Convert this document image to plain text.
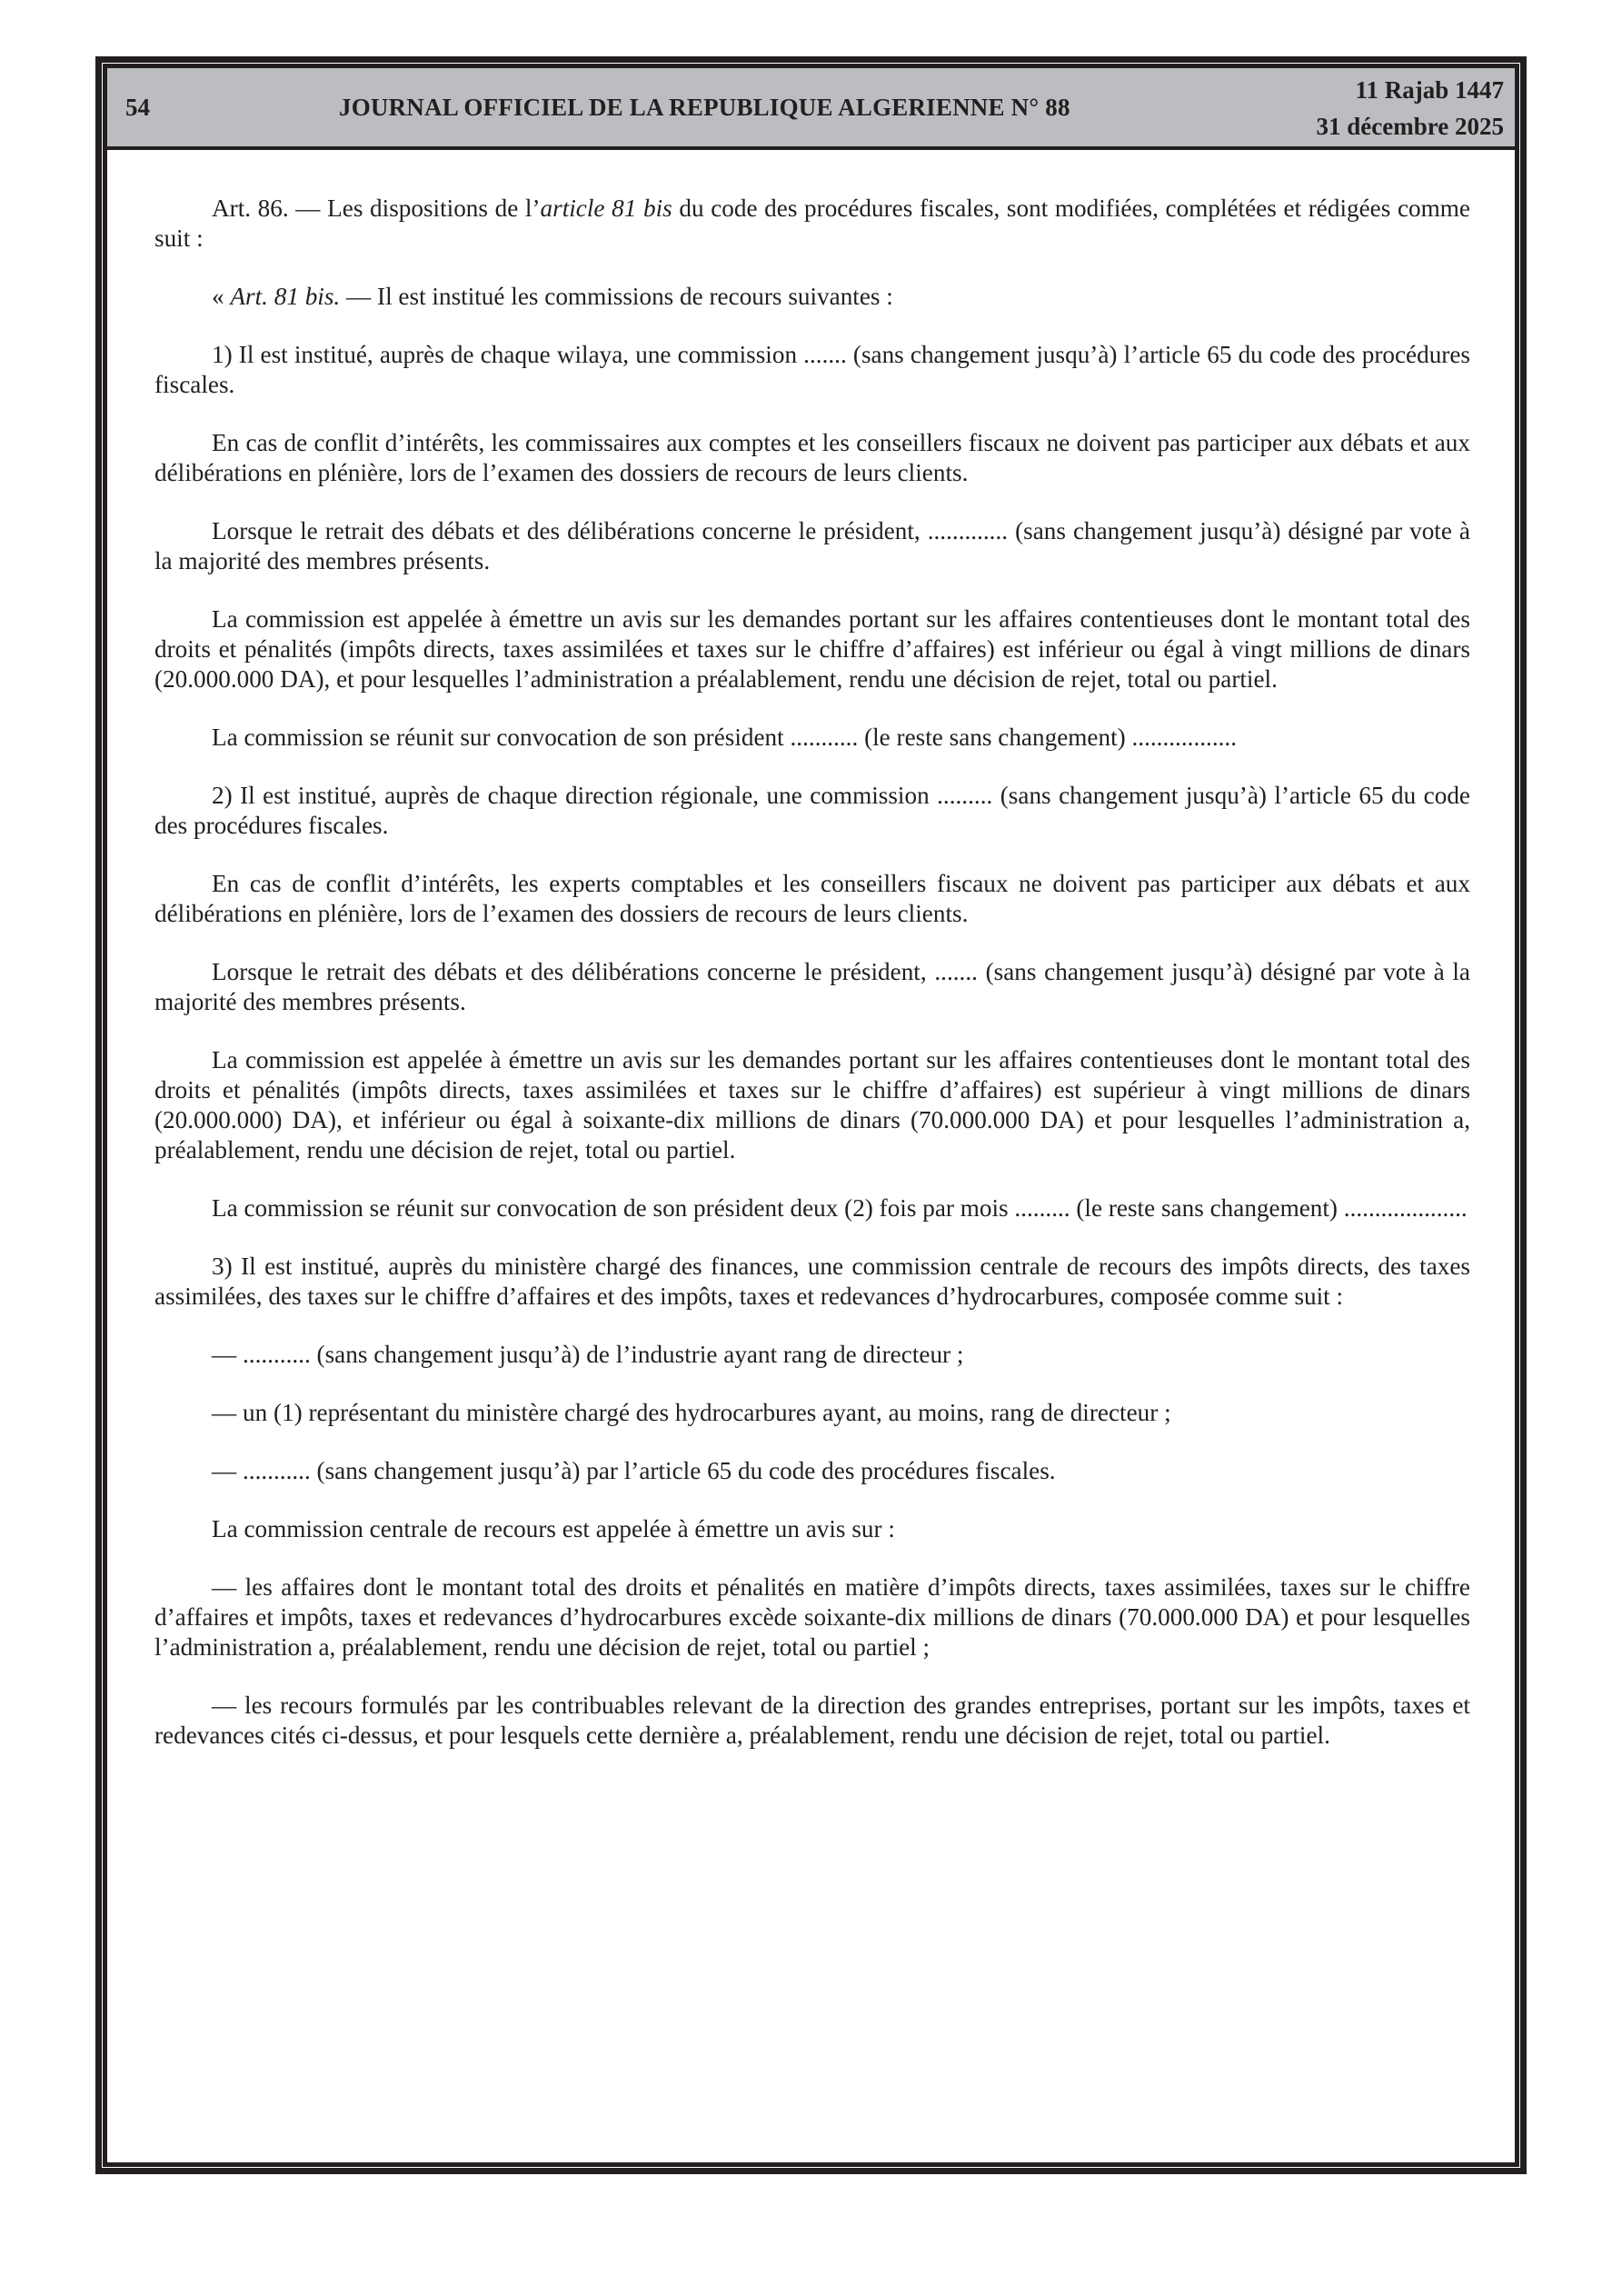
54	JOURNAL OFFICIEL DE LA REPUBLIQUE ALGERIENNE N° 88
11 Rajab 1447
31 décembre 2025

Art. 86. — Les dispositions de l’article 81 bis du code des procédures fiscales, sont modifiées, complétées et rédigées comme suit :

« Art. 81 bis. — Il est institué les commissions de recours suivantes :

1) Il est institué, auprès de chaque wilaya, une commission ....... (sans changement jusqu’à) l’article 65 du code des procédures fiscales.

En cas de conflit d’intérêts, les commissaires aux comptes et les conseillers fiscaux ne doivent pas participer aux débats et aux délibérations en plénière, lors de l’examen des dossiers de recours de leurs clients.

Lorsque le retrait des débats et des délibérations concerne le président, ............. (sans changement jusqu’à) désigné par vote à la majorité des membres présents.

La commission est appelée à émettre un avis sur les demandes portant sur les affaires contentieuses dont le montant total des droits et pénalités (impôts directs, taxes assimilées et taxes sur le chiffre d’affaires) est inférieur ou égal à vingt millions de dinars (20.000.000 DA), et pour lesquelles l’administration a préalablement, rendu une décision de rejet, total ou partiel.

La commission se réunit sur convocation de son président ........... (le reste sans changement) .................

2) Il est institué, auprès de chaque direction régionale, une commission ......... (sans changement jusqu’à) l’article 65 du code des procédures fiscales.

En cas de conflit d’intérêts, les experts comptables et les conseillers fiscaux ne doivent pas participer aux débats et aux délibérations en plénière, lors de l’examen des dossiers de recours de leurs clients.

Lorsque le retrait des débats et des délibérations concerne le président, ....... (sans changement jusqu’à) désigné par vote à la majorité des membres présents.

La commission est appelée à émettre un avis sur les demandes portant sur les affaires contentieuses dont le montant total des droits et pénalités (impôts directs, taxes assimilées et taxes sur le chiffre d’affaires) est supérieur à vingt millions de dinars (20.000.000) DA), et inférieur ou égal à soixante-dix millions de dinars (70.000.000 DA) et pour lesquelles l’administration a, préalablement, rendu une décision de rejet, total ou partiel.

La commission se réunit sur convocation de son président deux (2) fois par mois ......... (le reste sans changement) ....................

3) Il est institué, auprès du ministère chargé des finances, une commission centrale de recours des impôts directs, des taxes assimilées, des taxes sur le chiffre d’affaires et des impôts, taxes et redevances d’hydrocarbures, composée comme suit :

— ........... (sans changement jusqu’à) de l’industrie ayant rang de directeur ;

— un (1) représentant du ministère chargé des hydrocarbures ayant, au moins, rang de directeur ;

— ........... (sans changement jusqu’à) par l’article 65 du code des procédures fiscales.

La commission centrale de recours est appelée à émettre un avis sur :

— les affaires dont le montant total des droits et pénalités en matière d’impôts directs, taxes assimilées, taxes sur le chiffre d’affaires et impôts, taxes et redevances d’hydrocarbures excède soixante-dix millions de dinars (70.000.000 DA) et pour lesquelles l’administration a, préalablement, rendu une décision de rejet, total ou partiel ;

— les recours formulés par les contribuables relevant de la direction des grandes entreprises, portant sur les impôts, taxes et redevances cités ci-dessus, et pour lesquels cette dernière a, préalablement, rendu une décision de rejet, total ou partiel.
